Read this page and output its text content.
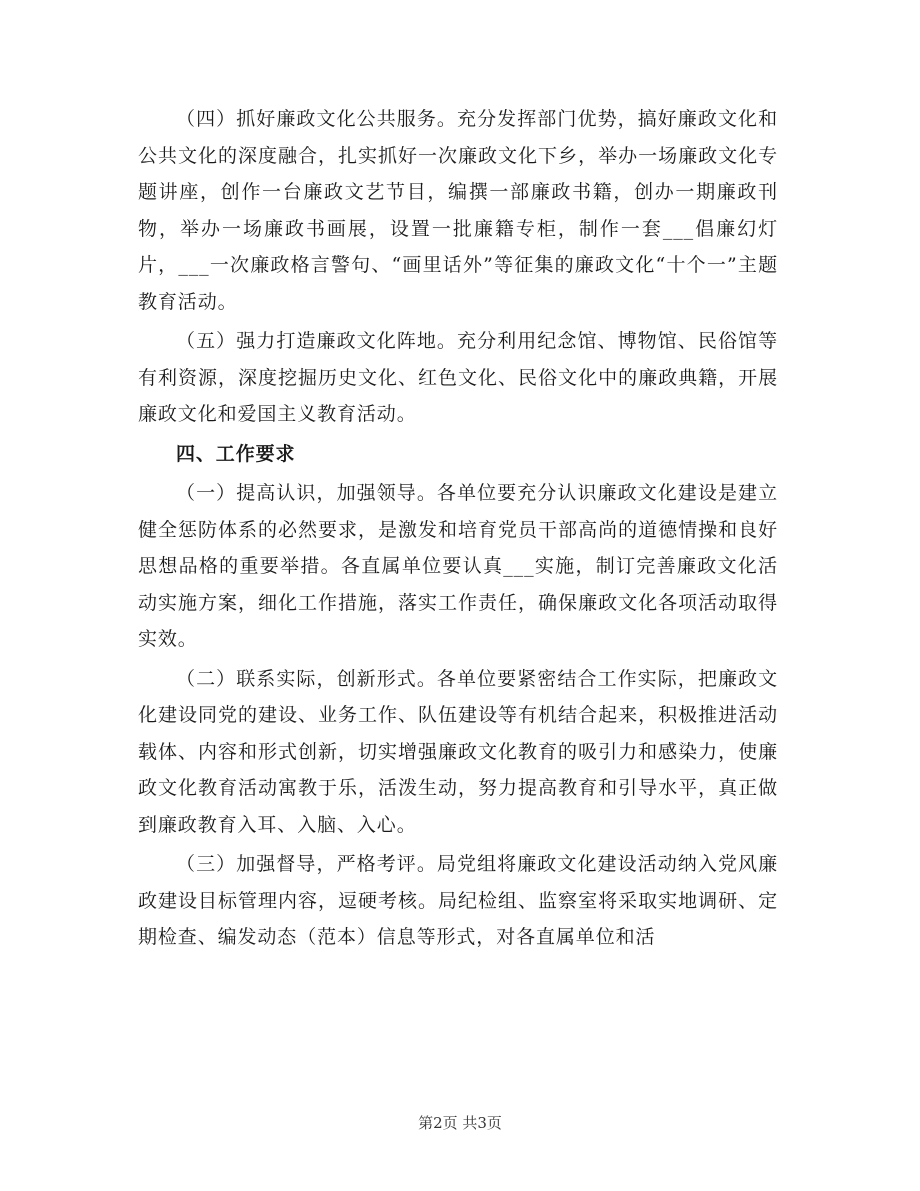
（四）抓好廉政文化公共服务。充分发挥部门优势，搞好廉政文化和公共文化的深度融合，扎实抓好一次廉政文化下乡，举办一场廉政文化专题讲座，创作一台廉政文艺节目，编撰一部廉政书籍，创办一期廉政刊物，举办一场廉政书画展，设置一批廉籍专柜，制作一套___倡廉幻灯片，___一次廉政格言警句、“画里话外”等征集的廉政文化“十个一”主题教育活动。

（五）强力打造廉政文化阵地。充分利用纪念馆、博物馆、民俗馆等有利资源，深度挖掘历史文化、红色文化、民俗文化中的廉政典籍，开展廉政文化和爱国主义教育活动。

四、工作要求

（一）提高认识，加强领导。各单位要充分认识廉政文化建设是建立健全惩防体系的必然要求，是激发和培育党员干部高尚的道德情操和良好思想品格的重要举措。各直属单位要认真___实施，制订完善廉政文化活动实施方案，细化工作措施，落实工作责任，确保廉政文化各项活动取得实效。

（二）联系实际，创新形式。各单位要紧密结合工作实际，把廉政文化建设同党的建设、业务工作、队伍建设等有机结合起来，积极推进活动载体、内容和形式创新，切实增强廉政文化教育的吸引力和感染力，使廉政文化教育活动寓教于乐，活泼生动，努力提高教育和引导水平，真正做到廉政教育入耳、入脑、入心。

（三）加强督导，严格考评。局党组将廉政文化建设活动纳入党风廉政建设目标管理内容，逗硬考核。局纪检组、监察室将采取实地调研、定期检查、编发动态（范本）信息等形式，对各直属单位和活

第2页 共3页
